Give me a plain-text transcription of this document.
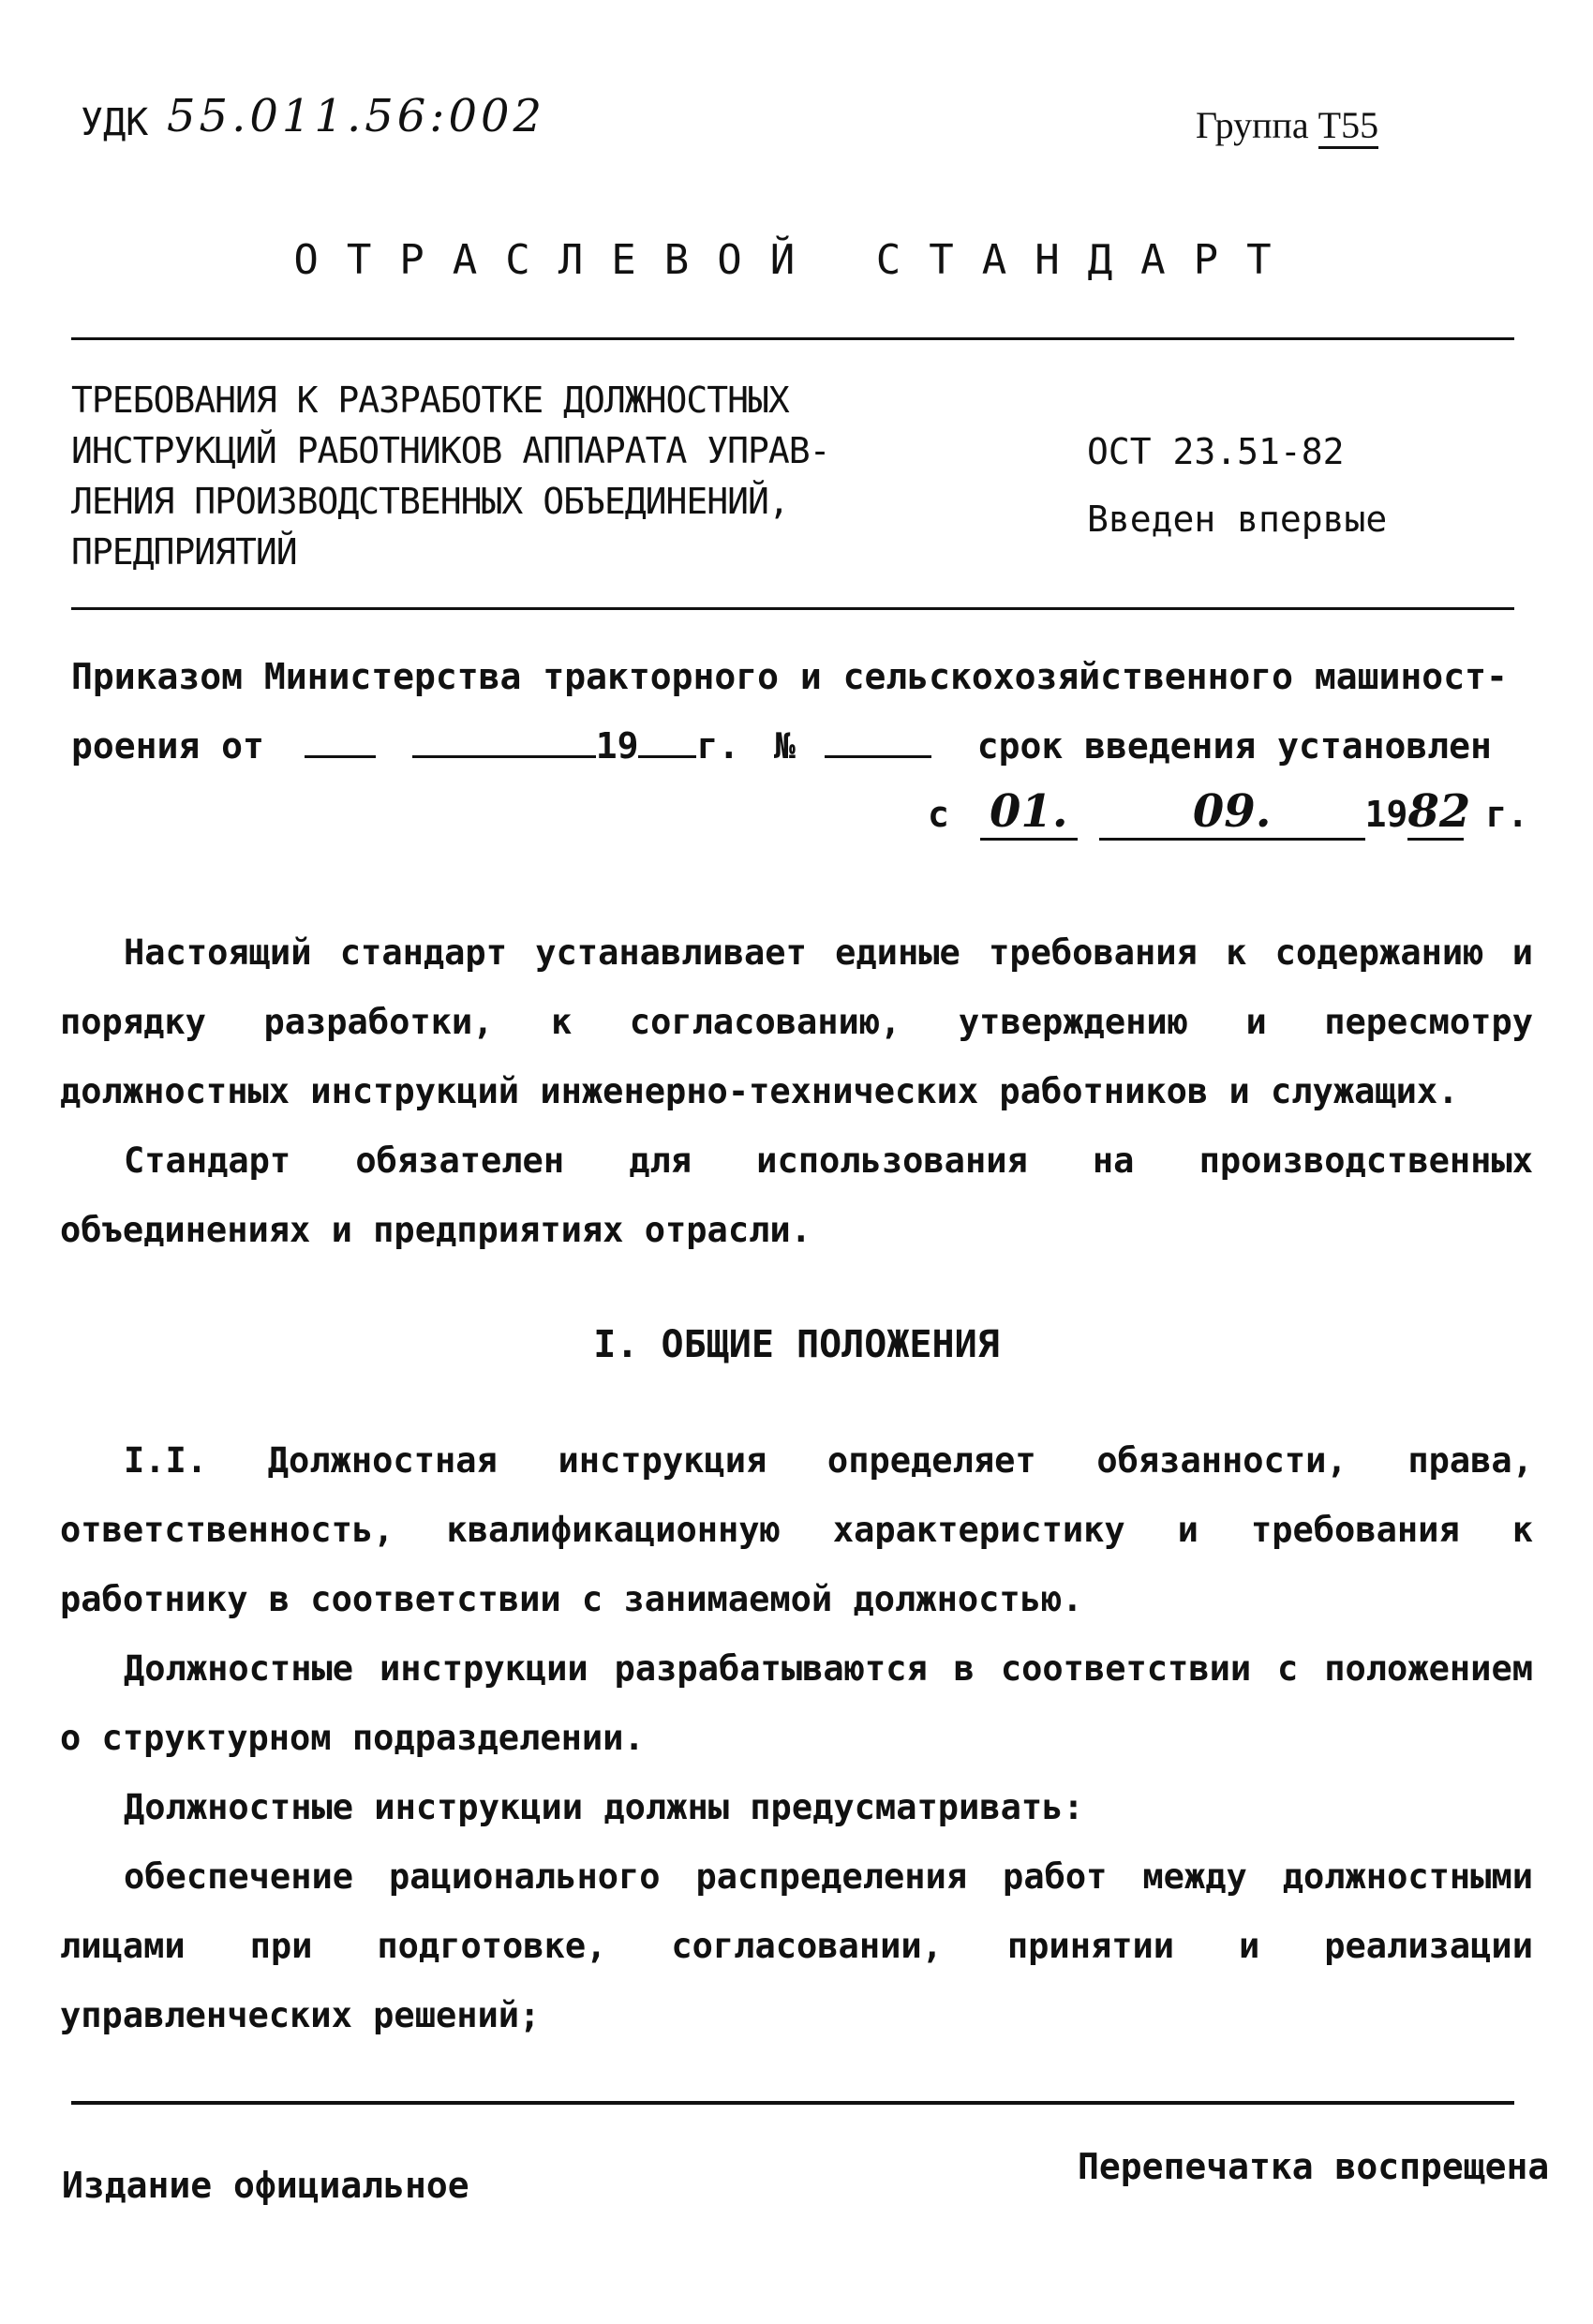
УДК 55.011.56:002	Группа Т55
ОТРАСЛЕВОЙ СТАНДАРТ
ТРЕБОВАНИЯ К РАЗРАБОТКЕ ДОЛЖНОСТНЫХ
ИНСТРУКЦИЙ РАБОТНИКОВ АППАРАТА УПРАВ-
ЛЕНИЯ ПРОИЗВОДСТВЕННЫХ ОБЪЕДИНЕНИЙ,
ПРЕДПРИЯТИЙ
ОСТ 23.51-82
Введен впервые
Приказом Министерства тракторного и сельскохозяйственного машиност-
роения от	19 г. №	срок введения установлен
с 01.	09.	1982 г.
Настоящий стандарт устанавливает единые требования к содержанию и порядку разработки, к согласованию, утверждению и пересмотру должностных инструкций инженерно-технических работников и служащих.
Стандарт обязателен для использования на производственных объединениях и предприятиях отрасли.
I. ОБЩИЕ ПОЛОЖЕНИЯ
I.I. Должностная инструкция определяет обязанности, права, ответственность, квалификационную характеристику и требования к работнику в соответствии с занимаемой должностью.
Должностные инструкции разрабатываются в соответствии с положением о структурном подразделении.
Должностные инструкции должны предусматривать:
обеспечение рационального распределения работ между должностными лицами при подготовке, согласовании, принятии и реализации управленческих решений;
Издание официальное	Перепечатка воспрещена
